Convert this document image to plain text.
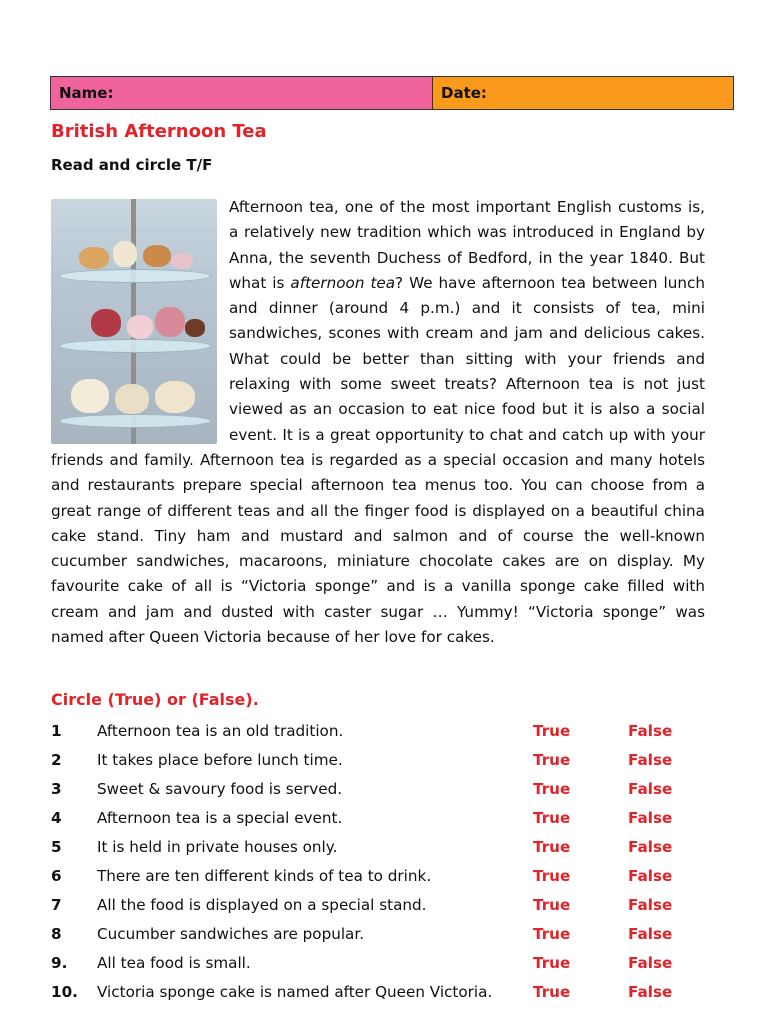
Name:	Date:
British Afternoon Tea
Read and circle T/F

Afternoon tea, one of the most important English customs is, a relatively new tradition which was introduced in England by Anna, the seventh Duchess of Bedford, in the year 1840. But what is afternoon tea? We have afternoon tea between lunch and dinner (around 4 p.m.) and it consists of tea, mini sandwiches, scones with cream and jam and delicious cakes. What could be better than sitting with your friends and relaxing with some sweet treats? Afternoon tea is not just viewed as an occasion to eat nice food but it is also a social event. It is a great opportunity to chat and catch up with your friends and family. Afternoon tea is regarded as a special occasion and many hotels and restaurants prepare special afternoon tea menus too. You can choose from a great range of different teas and all the finger food is displayed on a beautiful china cake stand. Tiny ham and mustard and salmon and of course the well-known cucumber sandwiches, macaroons, miniature chocolate cakes are on display. My favourite cake of all is “Victoria sponge” and is a vanilla sponge cake filled with cream and jam and dusted with caster sugar … Yummy! “Victoria sponge” was named after Queen Victoria because of her love for cakes.

Circle (True) or (False).
1 Afternoon tea is an old tradition.	True	False
2 It takes place before lunch time.	True	False
3 Sweet & savoury food is served.	True	False
4 Afternoon tea is a special event.	True	False
5 It is held in private houses only.	True	False
6 There are ten different kinds of tea to drink.	True	False
7 All the food is displayed on a special stand.	True	False
8 Cucumber sandwiches are popular.	True	False
9. All tea food is small.	True	False
10. Victoria sponge cake is named after Queen Victoria.	True	False
